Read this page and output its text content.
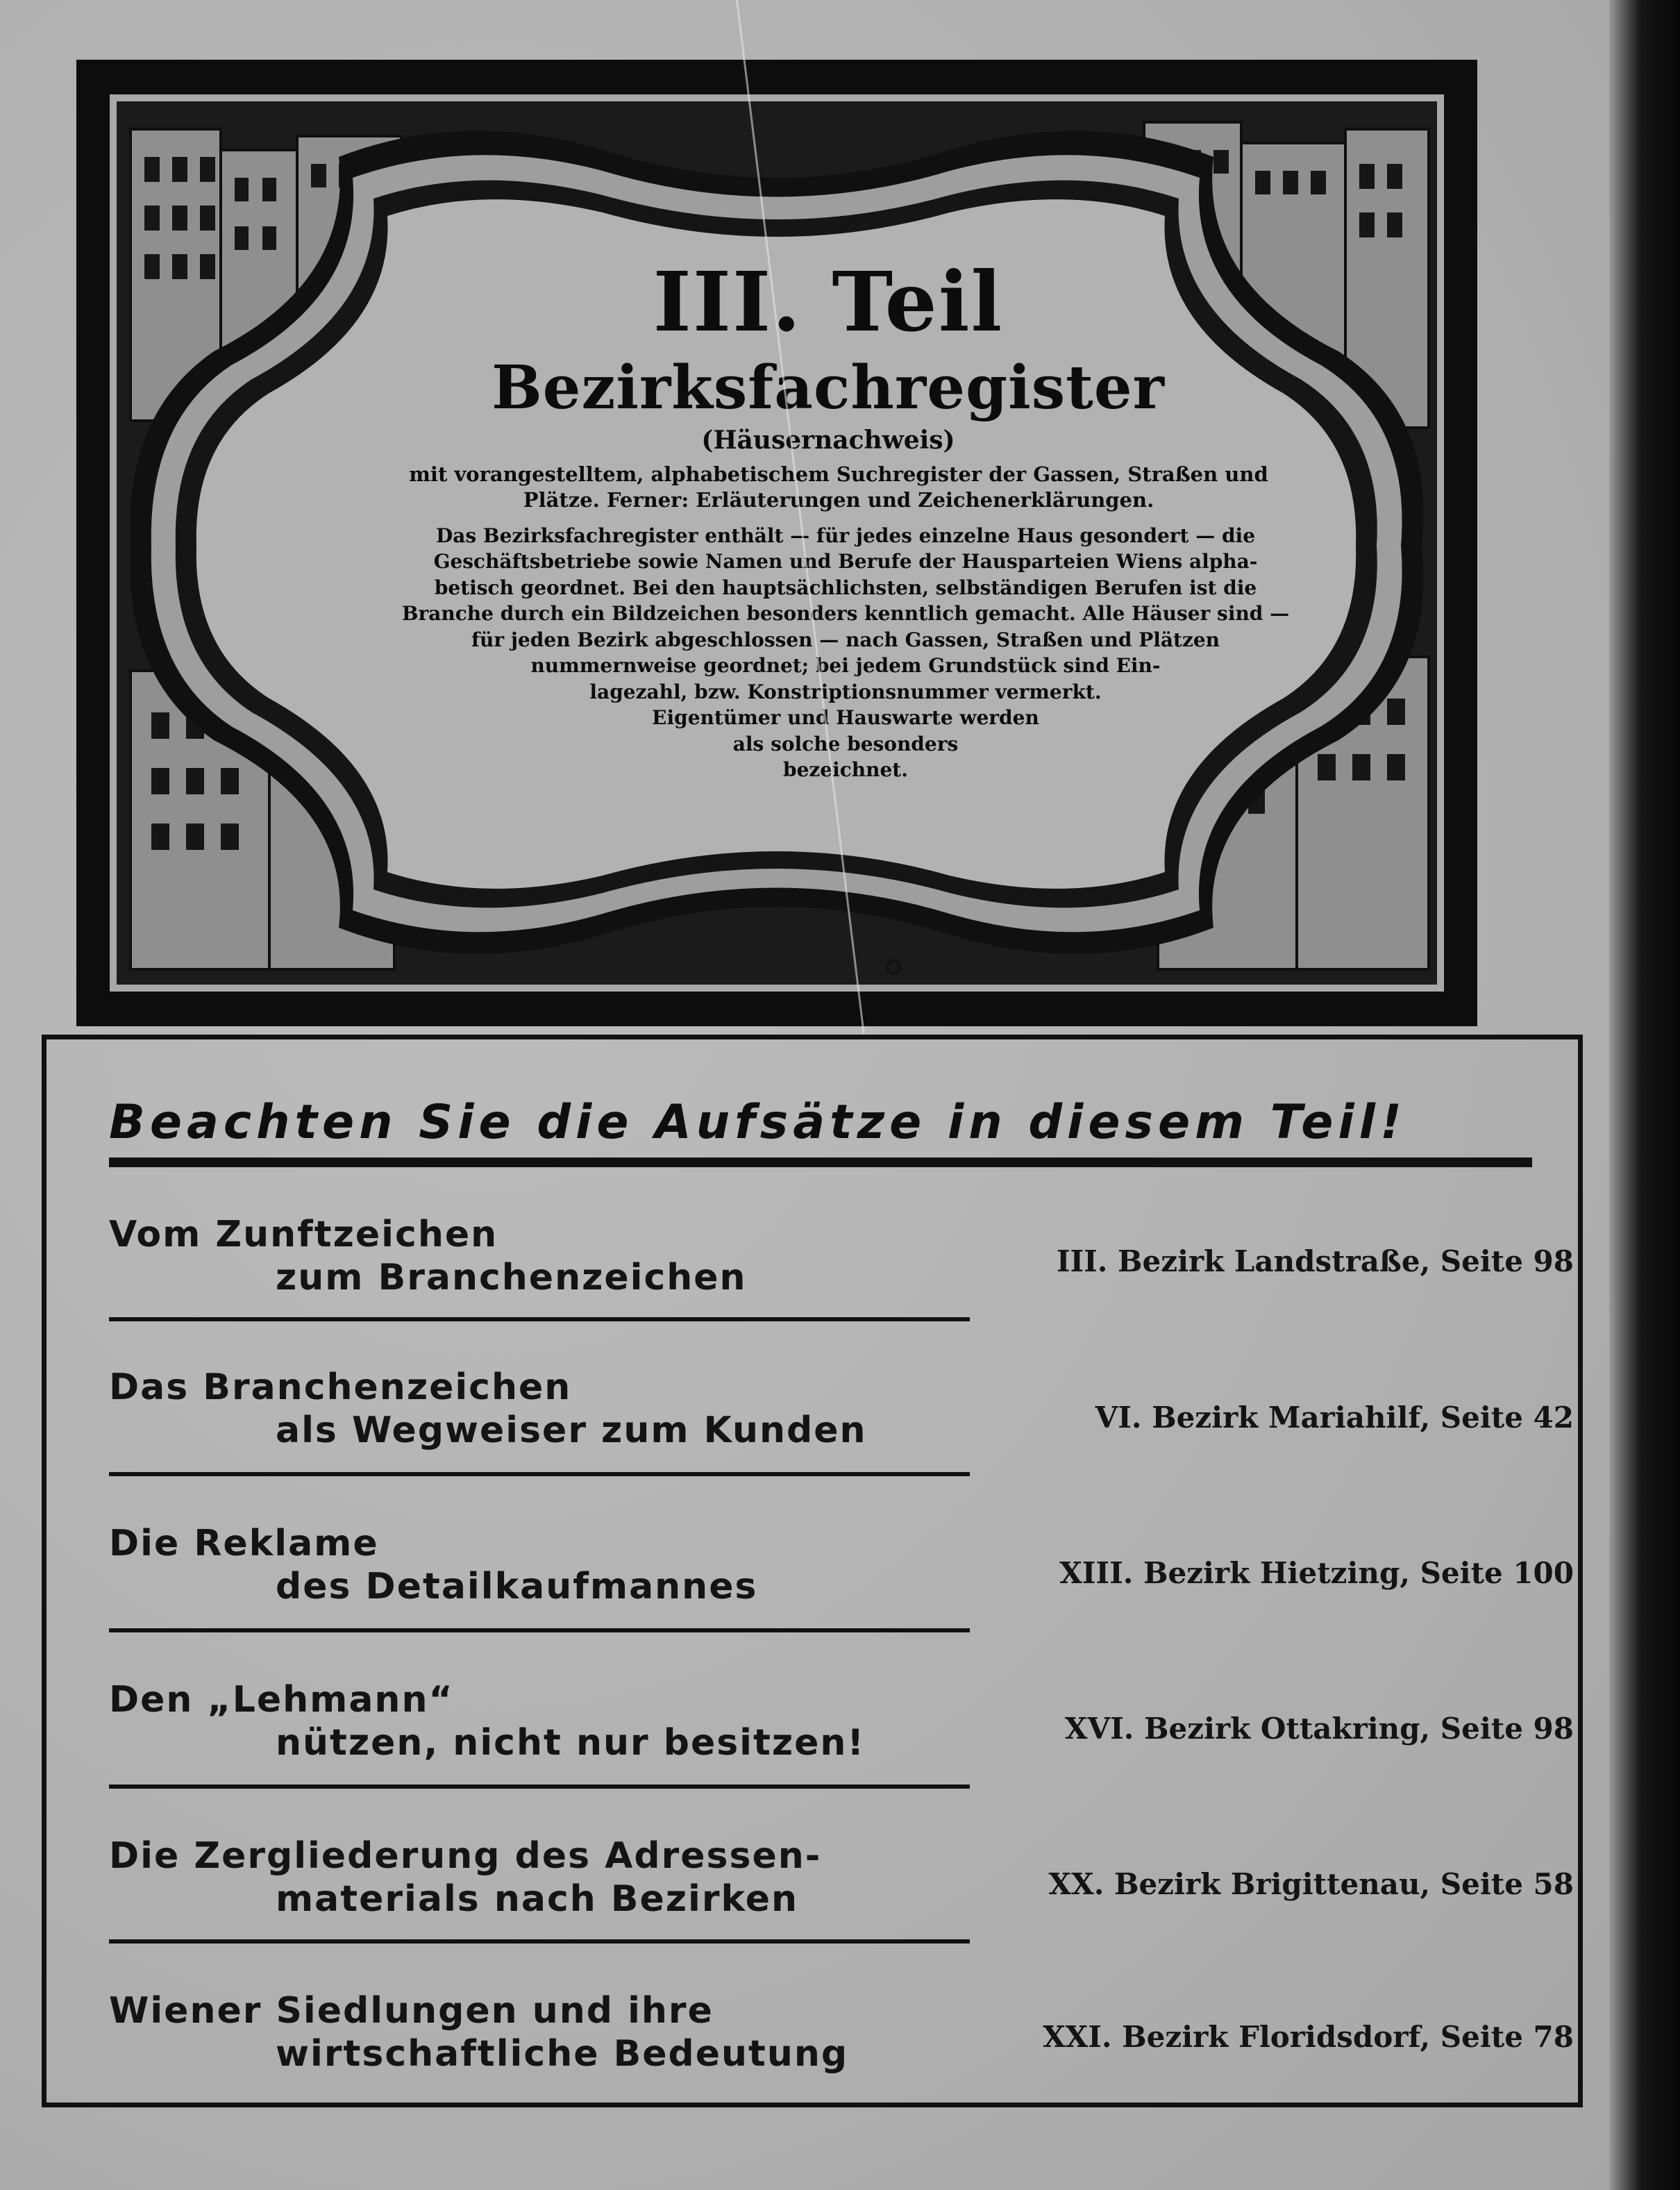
III. Teil

Bezirksfachregister

(Häusernachweis)

mit vorangestelltem, alphabetischem Suchregister der Gassen, Straßen und Plätze. Ferner: Erläuterungen und Zeichenerklärungen.

Das Bezirksfachregister enthält — für jedes einzelne Haus gesondert — die
Geschäftsbetriebe sowie Namen und Berufe der Hausparteien Wiens alpha-
betisch geordnet. Bei den hauptsächlichsten, selbständigen Berufen ist die
Branche durch ein Bildzeichen besonders kenntlich gemacht. Alle Häuser sind —
für jeden Bezirk abgeschlossen — nach Gassen, Straßen und Plätzen
nummernweise geordnet; bei jedem Grundstück sind Ein-
lagezahl, bzw. Konstriptionsnummer vermerkt.
Eigentümer und Hauswarte werden
als solche besonders
bezeichnet.
Beachten Sie die Aufsätze in diesem Teil!
Vom Zunftzeichen
zum Branchenzeichen	III. Bezirk Landstraße, Seite 98
Das Branchenzeichen
als Wegweiser zum Kunden	VI. Bezirk Mariahilf, Seite 42
Die Reklame
des Detailkaufmannes	XIII. Bezirk Hietzing, Seite 100
Den „Lehmann“
nützen, nicht nur besitzen!	XVI. Bezirk Ottakring, Seite 98
Die Zergliederung des Adressen-
materials nach Bezirken	XX. Bezirk Brigittenau, Seite 58
Wiener Siedlungen und ihre
wirtschaftliche Bedeutung	XXI. Bezirk Floridsdorf, Seite 78
